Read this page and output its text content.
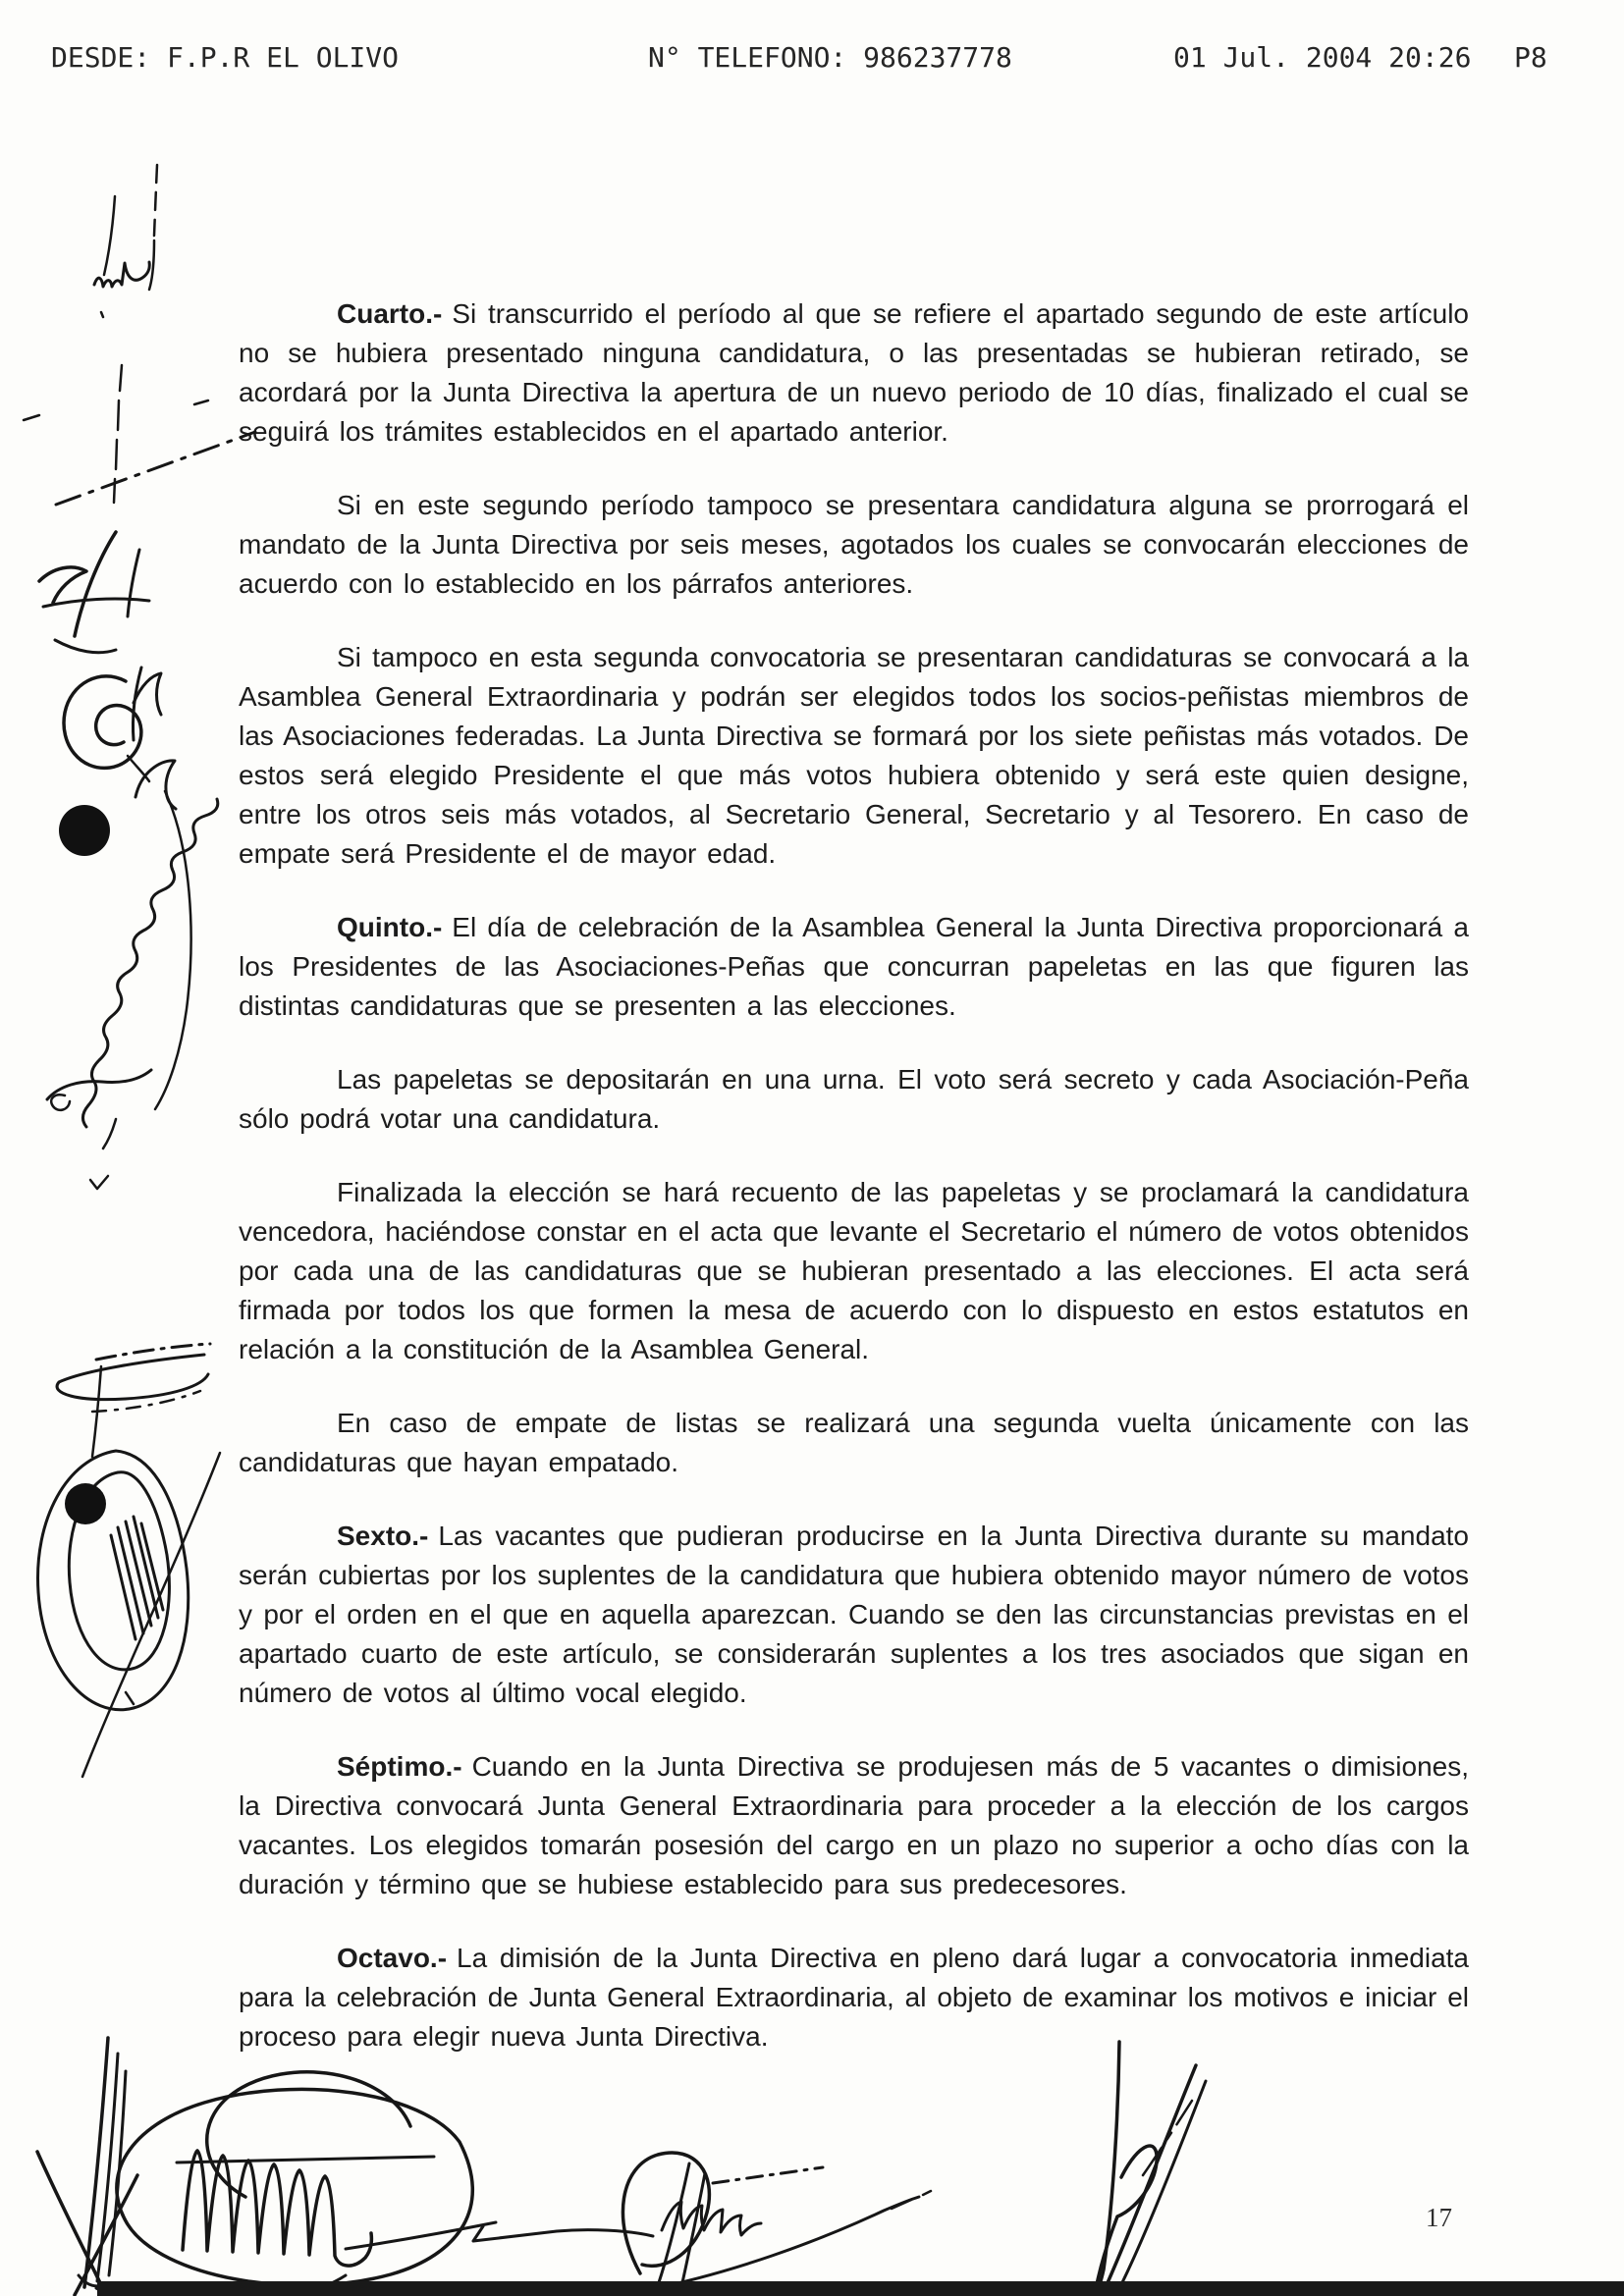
DESDE: F.P.R EL OLIVO	N° TELEFONO: 986237778	01 Jul. 2004 20:26 P8

Cuarto.- Si transcurrido el período al que se refiere el apartado segundo de este artículo no se hubiera presentado ninguna candidatura, o las presentadas se hubieran retirado, se acordará por la Junta Directiva la apertura de un nuevo periodo de 10 días, finalizado el cual se seguirá los trámites establecidos en el apartado anterior.

Si en este segundo período tampoco se presentara candidatura alguna se prorrogará el mandato de la Junta Directiva por seis meses, agotados los cuales se convocarán elecciones de acuerdo con lo establecido en los párrafos anteriores.

Si tampoco en esta segunda convocatoria se presentaran candidaturas se convocará a la Asamblea General Extraordinaria y podrán ser elegidos todos los socios-peñistas miembros de las Asociaciones federadas. La Junta Directiva se formará por los siete peñistas más votados. De estos será elegido Presidente el que más votos hubiera obtenido y será este quien designe, entre los otros seis más votados, al Secretario General, Secretario y al Tesorero. En caso de empate será Presidente el de mayor edad.

Quinto.- El día de celebración de la Asamblea General la Junta Directiva proporcionará a los Presidentes de las Asociaciones-Peñas que concurran papeletas en las que figuren las distintas candidaturas que se presenten a las elecciones.

Las papeletas se depositarán en una urna. El voto será secreto y cada Asociación-Peña sólo podrá votar una candidatura.

Finalizada la elección se hará recuento de las papeletas y se proclamará la candidatura vencedora, haciéndose constar en el acta que levante el Secretario el número de votos obtenidos por cada una de las candidaturas que se hubieran presentado a las elecciones. El acta será firmada por todos los que formen la mesa de acuerdo con lo dispuesto en estos estatutos en relación a la constitución de la Asamblea General.

En caso de empate de listas se realizará una segunda vuelta únicamente con las candidaturas que hayan empatado.

Sexto.- Las vacantes que pudieran producirse en la Junta Directiva durante su mandato serán cubiertas por los suplentes de la candidatura que hubiera obtenido mayor número de votos y por el orden en el que en aquella aparezcan. Cuando se den las circunstancias previstas en el apartado cuarto de este artículo, se considerarán suplentes a los tres asociados que sigan en número de votos al último vocal elegido.

Séptimo.- Cuando en la Junta Directiva se produjesen más de 5 vacantes o dimisiones, la Directiva convocará Junta General Extraordinaria para proceder a la elección de los cargos vacantes. Los elegidos tomarán posesión del cargo en un plazo no superior a ocho días con la duración y término que se hubiese establecido para sus predecesores.

Octavo.- La dimisión de la Junta Directiva en pleno dará lugar a convocatoria inmediata para la celebración de Junta General Extraordinaria, al objeto de examinar los motivos e iniciar el proceso para elegir nueva Junta Directiva.

17
